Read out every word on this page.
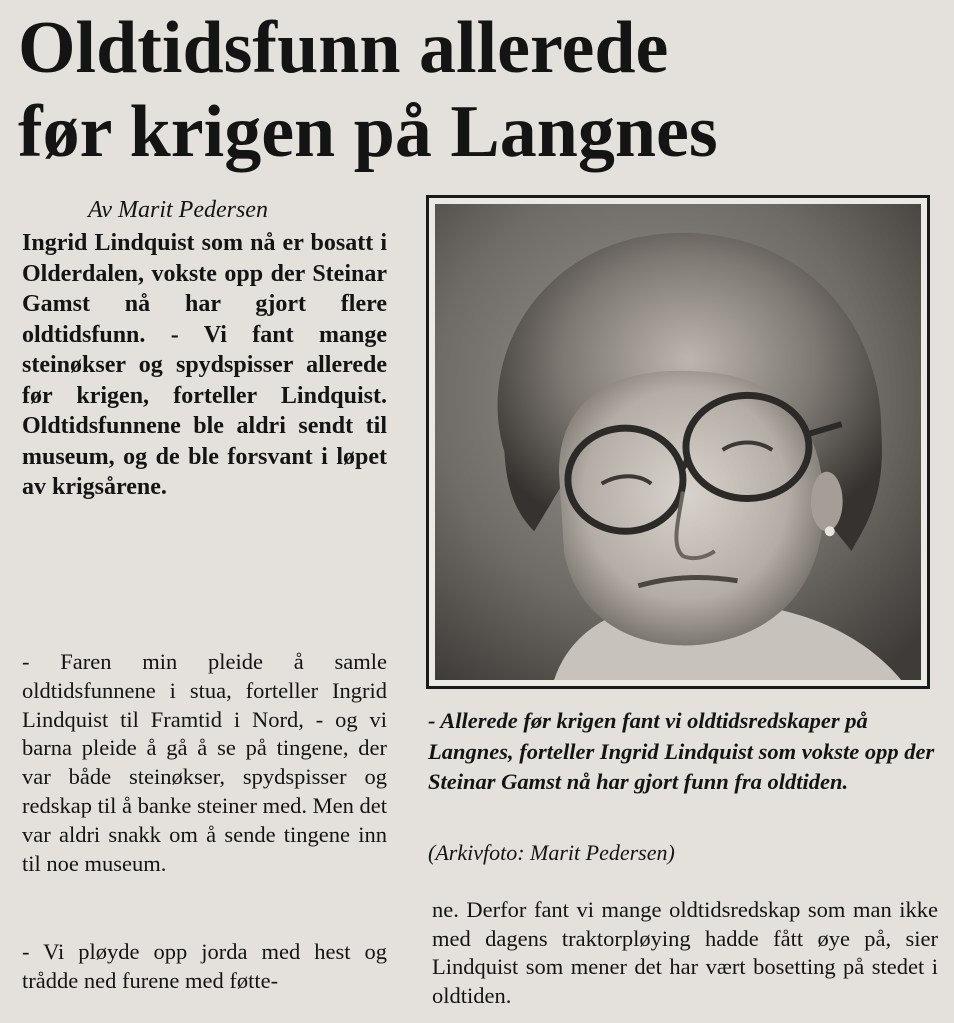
Oldtidsfunn allerede
før krigen på Langnes
Av Marit Pedersen
Ingrid Lindquist som nå er bosatt i Olderdalen, vokste opp der Steinar Gamst nå har gjort flere oldtidsfunn. - Vi fant mange steinøkser og spydspisser allerede før krigen, forteller Lindquist. Oldtidsfunnene ble aldri sendt til museum, og de ble forsvant i løpet av krigsårene.
- Faren min pleide å samle oldtidsfunnene i stua, forteller Ingrid Lindquist til Framtid i Nord, - og vi barna pleide å gå å se på tingene, der var både steinøkser, spydspisser og redskap til å banke steiner med. Men det var aldri snakk om å sende tingene inn til noe museum.
- Vi pløyde opp jorda med hest og trådde ned furene med føtte-
- Allerede før krigen fant vi oldtidsredskaper på Langnes, forteller Ingrid Lindquist som vokste opp der Steinar Gamst nå har gjort funn fra oldtiden.
(Arkivfoto: Marit Pedersen)
ne. Derfor fant vi mange oldtidsredskap som man ikke med dagens traktorpløying hadde fått øye på, sier Lindquist som mener det har vært bosetting på stedet i oldtiden.
